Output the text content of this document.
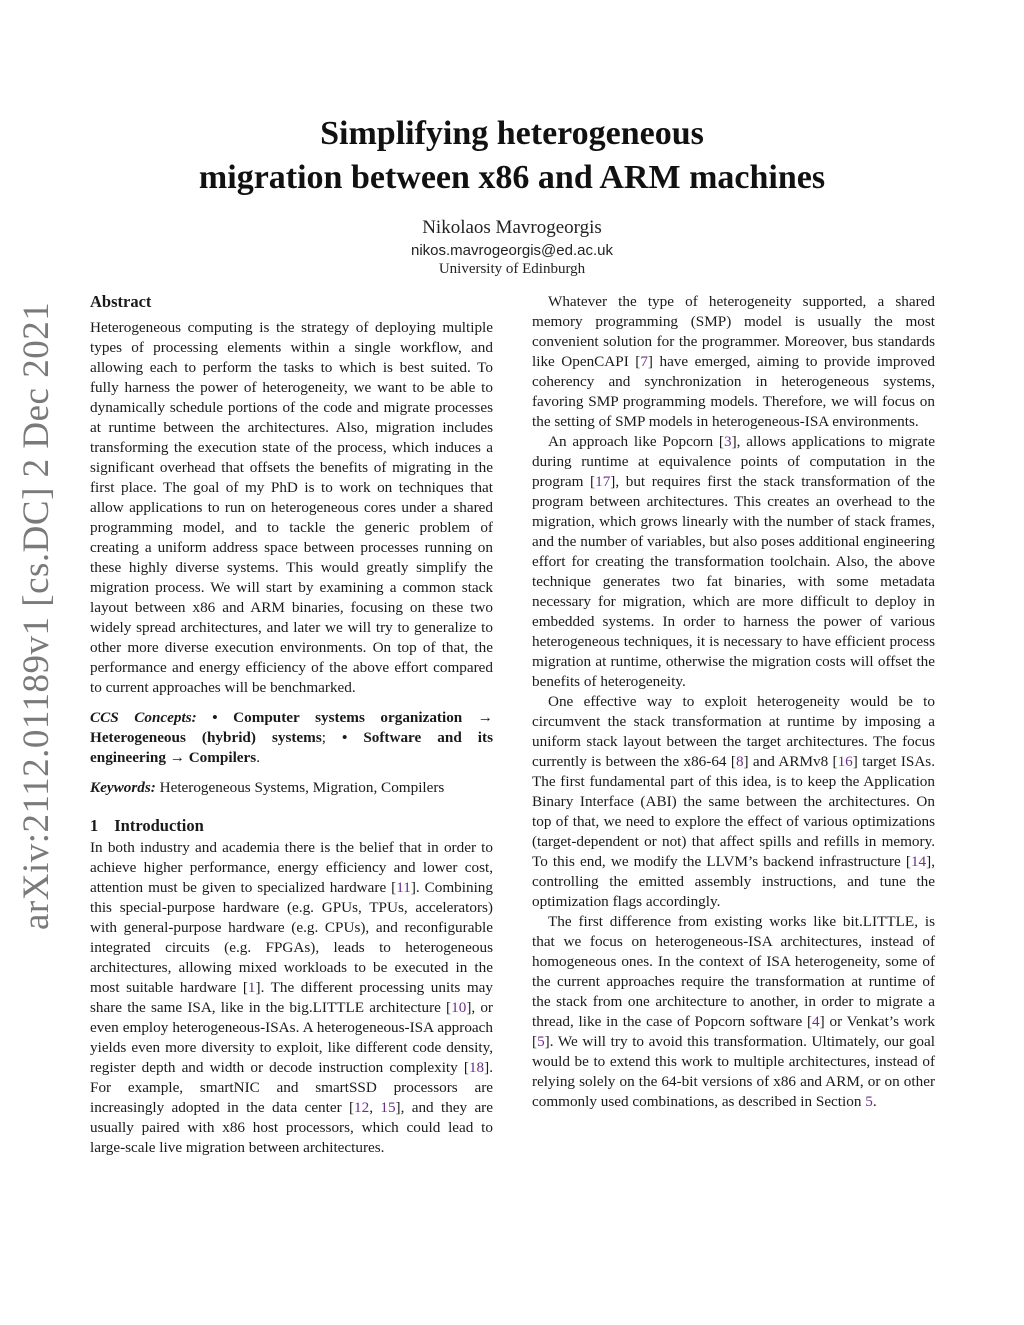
arXiv:2112.01189v1 [cs.DC] 2 Dec 2021
Simplifying heterogeneous
migration between x86 and ARM machines
Nikolaos Mavrogeorgis
nikos.mavrogeorgis@ed.ac.uk
University of Edinburgh
Abstract

Heterogeneous computing is the strategy of deploying multiple types of processing elements within a single workflow, and allowing each to perform the tasks to which is best suited. To fully harness the power of heterogeneity, we want to be able to dynamically schedule portions of the code and migrate processes at runtime between the architectures. Also, migration includes transforming the execution state of the process, which induces a significant overhead that offsets the benefits of migrating in the first place. The goal of my PhD is to work on techniques that allow applications to run on heterogeneous cores under a shared programming model, and to tackle the generic problem of creating a uniform address space between processes running on these highly diverse systems. This would greatly simplify the migration process. We will start by examining a common stack layout between x86 and ARM binaries, focusing on these two widely spread architectures, and later we will try to generalize to other more diverse execution environments. On top of that, the performance and energy efficiency of the above effort compared to current approaches will be benchmarked.

CCS Concepts: • Computer systems organization → Heterogeneous (hybrid) systems; • Software and its engineering → Compilers.

Keywords: Heterogeneous Systems, Migration, Compilers

1 Introduction

In both industry and academia there is the belief that in order to achieve higher performance, energy efficiency and lower cost, attention must be given to specialized hardware [11]. Combining this special-purpose hardware (e.g. GPUs, TPUs, accelerators) with general-purpose hardware (e.g. CPUs), and reconfigurable integrated circuits (e.g. FPGAs), leads to heterogeneous architectures, allowing mixed workloads to be executed in the most suitable hardware [1]. The different processing units may share the same ISA, like in the big.LITTLE architecture [10], or even employ heterogeneous-ISAs. A heterogeneous-ISA approach yields even more diversity to exploit, like different code density, register depth and width or decode instruction complexity [18]. For example, smartNIC and smartSSD processors are increasingly adopted in the data center [12, 15], and they are usually paired with x86 host processors, which could lead to large-scale live migration between architectures.

Whatever the type of heterogeneity supported, a shared memory programming (SMP) model is usually the most convenient solution for the programmer. Moreover, bus standards like OpenCAPI [7] have emerged, aiming to provide improved coherency and synchronization in heterogeneous systems, favoring SMP programming models. Therefore, we will focus on the setting of SMP models in heterogeneous-ISA environments.

An approach like Popcorn [3], allows applications to migrate during runtime at equivalence points of computation in the program [17], but requires first the stack transformation of the program between architectures. This creates an overhead to the migration, which grows linearly with the number of stack frames, and the number of variables, but also poses additional engineering effort for creating the transformation toolchain. Also, the above technique generates two fat binaries, with some metadata necessary for migration, which are more difficult to deploy in embedded systems. In order to harness the power of various heterogeneous techniques, it is necessary to have efficient process migration at runtime, otherwise the migration costs will offset the benefits of heterogeneity.

One effective way to exploit heterogeneity would be to circumvent the stack transformation at runtime by imposing a uniform stack layout between the target architectures. The focus currently is between the x86-64 [8] and ARMv8 [16] target ISAs. The first fundamental part of this idea, is to keep the Application Binary Interface (ABI) the same between the architectures. On top of that, we need to explore the effect of various optimizations (target-dependent or not) that affect spills and refills in memory. To this end, we modify the LLVM’s backend infrastructure [14], controlling the emitted assembly instructions, and tune the optimization flags accordingly.

The first difference from existing works like bit.LITTLE, is that we focus on heterogeneous-ISA architectures, instead of homogeneous ones. In the context of ISA heterogeneity, some of the current approaches require the transformation at runtime of the stack from one architecture to another, in order to migrate a thread, like in the case of Popcorn software [4] or Venkat’s work [5]. We will try to avoid this transformation. Ultimately, our goal would be to extend this work to multiple architectures, instead of relying solely on the 64-bit versions of x86 and ARM, or on other commonly used combinations, as described in Section 5.
